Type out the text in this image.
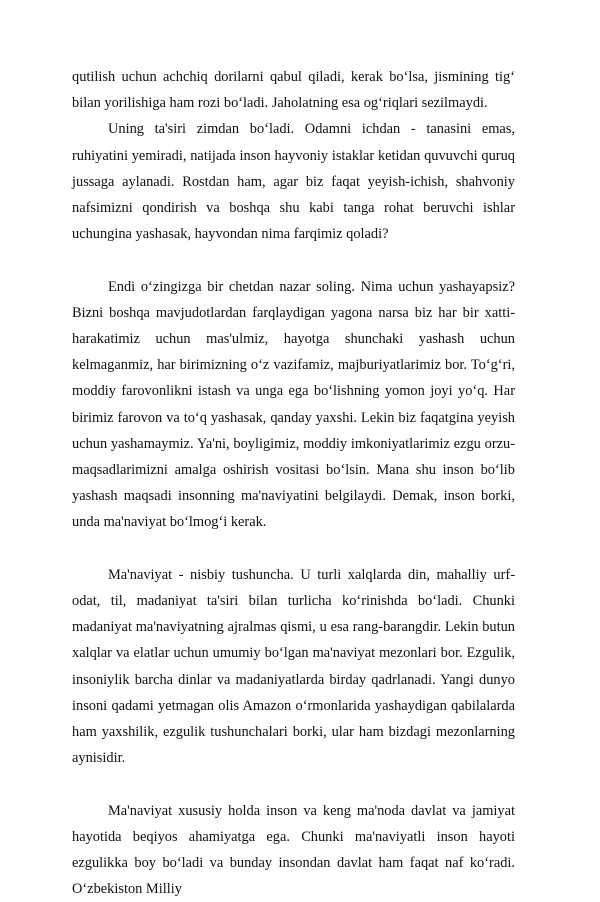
qutilish uchun achchiq dorilarni qabul qiladi, kerak bo‘lsa, jismining tig‘ bilan yorilishiga ham rozi bo‘ladi. Jaholatning esa og‘riqlari sezilmaydi.

Uning ta'siri zimdan bo‘ladi. Odamni ichdan - tanasini emas, ruhiyatini yemiradi, natijada inson hayvoniy istaklar ketidan quvuvchi quruq jussaga aylanadi. Rostdan ham, agar biz faqat yeyish-ichish, shahvoniy nafsimizni qondirish va boshqa shu kabi tanga rohat beruvchi ishlar uchungina yashasak, hayvondan nima farqimiz qoladi?

Endi o‘zingizga bir chetdan nazar soling. Nima uchun yashayapsiz? Bizni boshqa mavjudotlardan farqlaydigan yagona narsa biz har bir xatti-harakatimiz uchun mas'ulmiz, hayotga shunchaki yashash uchun kelmaganmiz, har birimizning o‘z vazifamiz, majburiyatlarimiz bor. To‘g‘ri, moddiy farovonlikni istash va unga ega bo‘lishning yomon joyi yo‘q. Har birimiz farovon va to‘q yashasak, qanday yaxshi. Lekin biz faqatgina yeyish uchun yashamaymiz. Ya'ni, boyligimiz, moddiy imkoniyatlarimiz ezgu orzu-maqsadlarimizni amalga oshirish vositasi bo‘lsin. Mana shu inson bo‘lib yashash maqsadi insonning ma'naviyatini belgilaydi. Demak, inson borki, unda ma'naviyat bo‘lmog‘i kerak.

Ma'naviyat - nisbiy tushuncha. U turli xalqlarda din, mahalliy urf-odat, til, madaniyat ta'siri bilan turlicha ko‘rinishda bo‘ladi. Chunki madaniyat ma'naviyatning ajralmas qismi, u esa rang-barangdir. Lekin butun xalqlar va elatlar uchun umumiy bo‘lgan ma'naviyat mezonlari bor. Ezgulik, insoniylik barcha dinlar va madaniyatlarda birday qadrlanadi. Yangi dunyo insoni qadami yetmagan olis Amazon o‘rmonlarida yashaydigan qabilalarda ham yaxshilik, ezgulik tushunchalari borki, ular ham bizdagi mezonlarning aynisidir.

Ma'naviyat xususiy holda inson va keng ma'noda davlat va jamiyat hayotida beqiyos ahamiyatga ega. Chunki ma'naviyatli inson hayoti ezgulikka boy bo‘ladi va bunday insondan davlat ham faqat naf ko‘radi. O‘zbekiston Milliy
